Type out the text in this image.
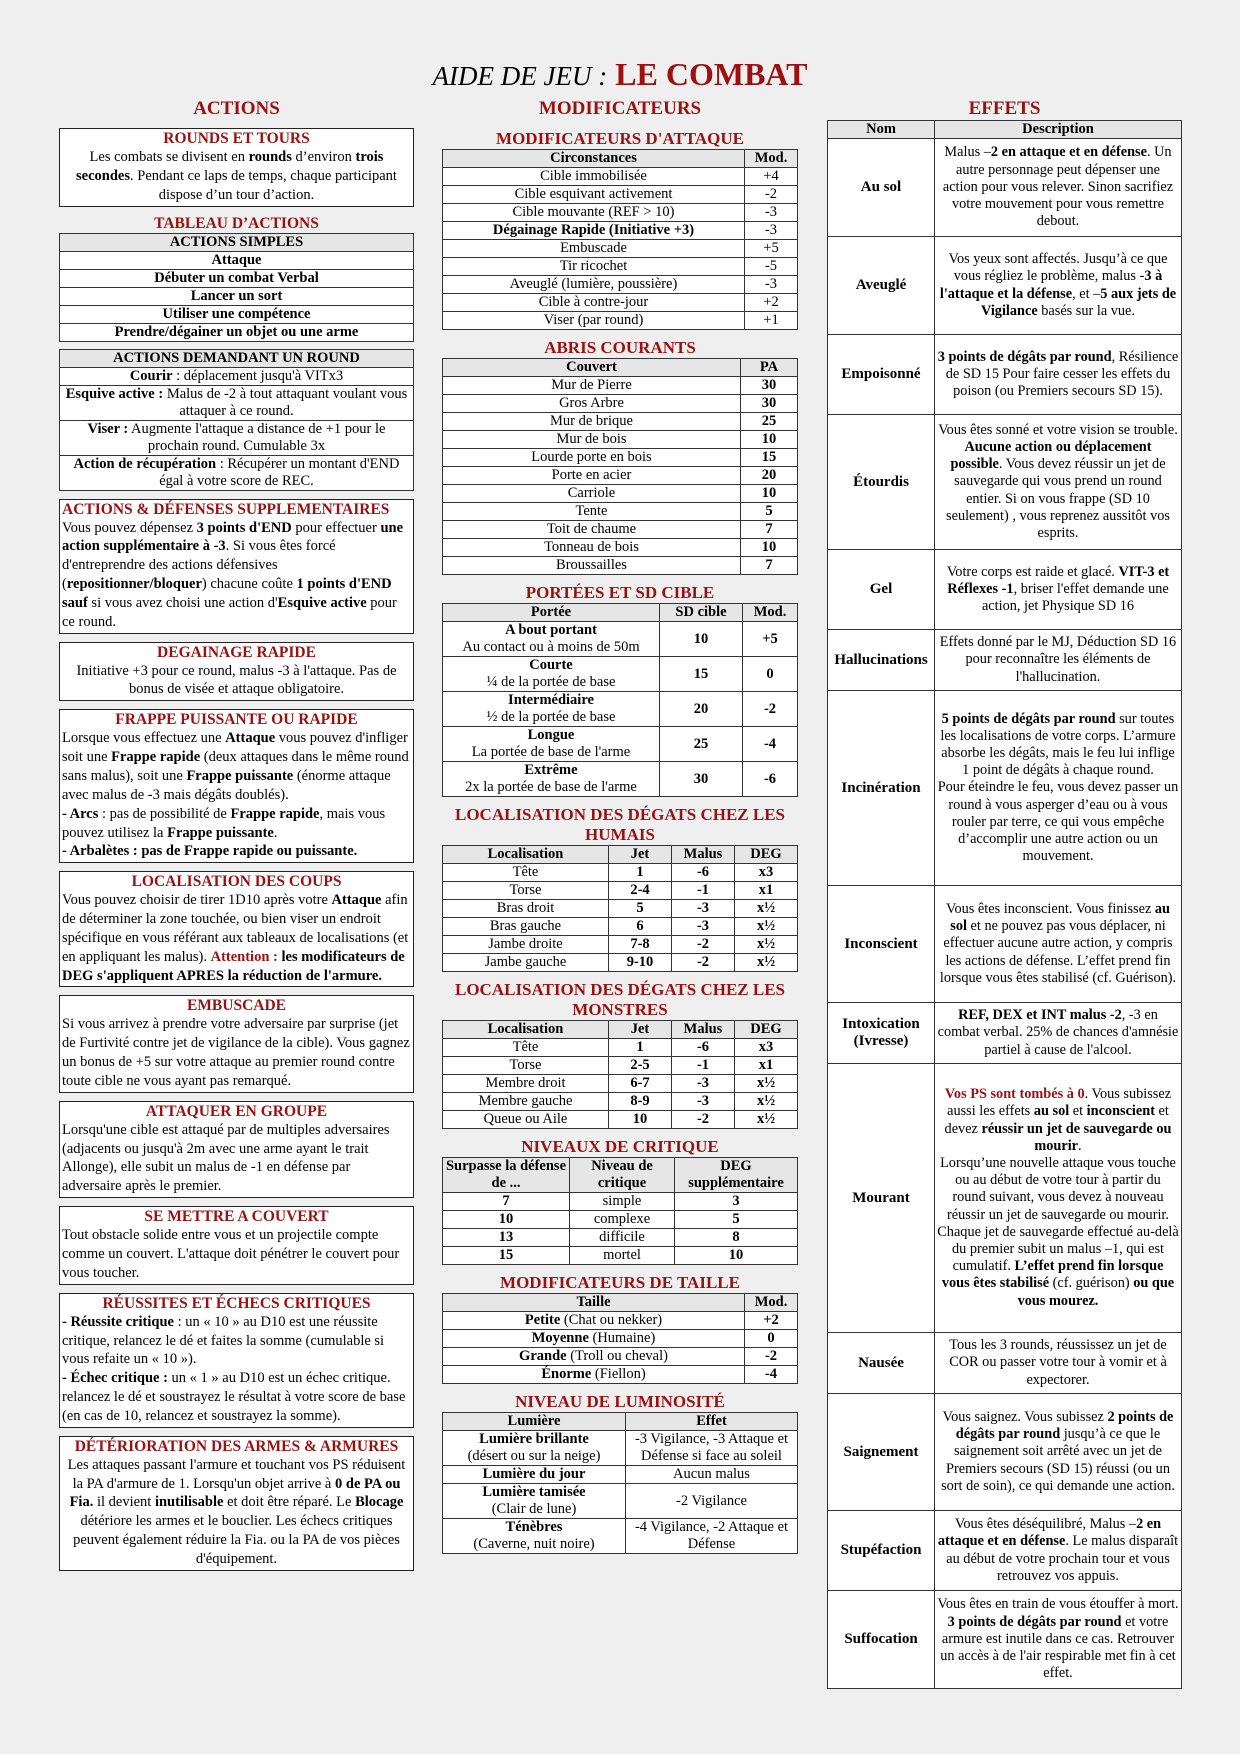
AIDE DE JEU : LE COMBAT
ACTIONS
ROUNDS ET TOURS

Les combats se divisent en rounds d’environ trois secondes. Pendant ce laps de temps, chaque participant dispose d’un tour d’action.

TABLEAU D’ACTIONS
ACTIONS SIMPLES
Attaque
Débuter un combat Verbal
Lancer un sort
Utiliser une compétence
Prendre/dégainer un objet ou une arme
ACTIONS DEMANDANT UN ROUND
Courir : déplacement jusqu'à VITx3
Esquive active : Malus de -2 à tout attaquant voulant vous attaquer à ce round.
Viser : Augmente l'attaque a distance de +1 pour le prochain round. Cumulable 3x
Action de récupération : Récupérer un montant d'END égal à votre score de REC.
ACTIONS & DÉFENSES SUPPLEMENTAIRES

Vous pouvez dépensez 3 points d'END pour effectuer une action supplémentaire à -3. Si vous êtes forcé d'entreprendre des actions défensives (repositionner/bloquer) chacune coûte 1 points d'END sauf si vous avez choisi une action d'Esquive active pour ce round.

DEGAINAGE RAPIDE

Initiative +3 pour ce round, malus -3 à l'attaque. Pas de bonus de visée et attaque obligatoire.

FRAPPE PUISSANTE OU RAPIDE

Lorsque vous effectuez une Attaque vous pouvez d'infliger soit une Frappe rapide (deux attaques dans le même round sans malus), soit une Frappe puissante (énorme attaque avec malus de -3 mais dégâts doublés).

- Arcs : pas de possibilité de Frappe rapide, mais vous pouvez utilisez la Frappe puissante.

- Arbalètes : pas de Frappe rapide ou puissante.

LOCALISATION DES COUPS

Vous pouvez choisir de tirer 1D10 après votre Attaque afin de déterminer la zone touchée, ou bien viser un endroit spécifique en vous référant aux tableaux de localisations (et en appliquant les malus). Attention : les modificateurs de DEG s'appliquent APRES la réduction de l'armure.

EMBUSCADE

Si vous arrivez à prendre votre adversaire par surprise (jet de Furtivité contre jet de vigilance de la cible). Vous gagnez un bonus de +5 sur votre attaque au premier round contre toute cible ne vous ayant pas remarqué.

ATTAQUER EN GROUPE

Lorsqu'une cible est attaqué par de multiples adversaires (adjacents ou jusqu'à 2m avec une arme ayant le trait Allonge), elle subit un malus de -1 en défense par adversaire après le premier.

SE METTRE A COUVERT

Tout obstacle solide entre vous et un projectile compte comme un couvert. L'attaque doit pénétrer le couvert pour vous toucher.

RÉUSSITES ET ÉCHECS CRITIQUES

- Réussite critique : un « 10 » au D10 est une réussite critique, relancez le dé et faites la somme (cumulable si vous refaite un « 10 »).

- Échec critique : un « 1 » au D10 est un échec critique. relancez le dé et soustrayez le résultat à votre score de base (en cas de 10, relancez et soustrayez la somme).

DÉTÉRIORATION DES ARMES & ARMURES

Les attaques passant l'armure et touchant vos PS réduisent la PA d'armure de 1. Lorsqu'un objet arrive à 0 de PA ou Fia. il devient inutilisable et doit être réparé. Le Blocage détériore les armes et le bouclier. Les échecs critiques peuvent également réduire la Fia. ou la PA de vos pièces d'équipement.

MODIFICATEURS
MODIFICATEURS D'ATTAQUE
Circonstances	Mod.
Cible immobilisée	+4
Cible esquivant activement	-2
Cible mouvante (REF > 10)	-3
Dégainage Rapide (Initiative +3)	-3
Embuscade	+5
Tir ricochet	-5
Aveuglé (lumière, poussière)	-3
Cible à contre-jour	+2
Viser (par round)	+1
ABRIS COURANTS
Couvert	PA
Mur de Pierre	30
Gros Arbre	30
Mur de brique	25
Mur de bois	10
Lourde porte en bois	15
Porte en acier	20
Carriole	10
Tente	5
Toit de chaume	7
Tonneau de bois	10
Broussailles	7
PORTÉES ET SD CIBLE
Portée	SD cible	Mod.
A bout portant
Au contact ou à moins de 50m	10	+5
Courte
¼ de la portée de base	15	0
Intermédiaire
½ de la portée de base	20	-2
Longue
La portée de base de l'arme	25	-4
Extrême
2x la portée de base de l'arme	30	-6
LOCALISATION DES DÉGATS CHEZ LES HUMAIS
Localisation	Jet	Malus	DEG
Tête	1	-6	x3
Torse	2-4	-1	x1
Bras droit	5	-3	x½
Bras gauche	6	-3	x½
Jambe droite	7-8	-2	x½
Jambe gauche	9-10	-2	x½
LOCALISATION DES DÉGATS CHEZ LES MONSTRES
Localisation	Jet	Malus	DEG
Tête	1	-6	x3
Torse	2-5	-1	x1
Membre droit	6-7	-3	x½
Membre gauche	8-9	-3	x½
Queue ou Aile	10	-2	x½
NIVEAUX DE CRITIQUE
Surpasse la défense de ...	Niveau de critique	DEG supplémentaire
7	simple	3
10	complexe	5
13	difficile	8
15	mortel	10
MODIFICATEURS DE TAILLE
Taille	Mod.
Petite (Chat ou nekker)	+2
Moyenne (Humaine)	0
Grande (Troll ou cheval)	-2
Énorme (Fiellon)	-4
NIVEAU DE LUMINOSITÉ
Lumière	Effet
Lumière brillante
(désert ou sur la neige)	-3 Vigilance, -3 Attaque et Défense si face au soleil
Lumière du jour	Aucun malus
Lumière tamisée
(Clair de lune)	-2 Vigilance
Ténèbres
(Caverne, nuit noire)	-4 Vigilance, -2 Attaque et Défense
EFFETS
Nom	Description
Au sol	Malus –2 en attaque et en défense. Un autre personnage peut dépenser une action pour vous relever. Sinon sacrifiez votre mouvement pour vous remettre debout.
Aveuglé	Vos yeux sont affectés. Jusqu’à ce que vous régliez le problème, malus -3 à l'attaque et la défense, et –5 aux jets de Vigilance basés sur la vue.
Empoisonné	3 points de dégâts par round, Résilience de SD 15 Pour faire cesser les effets du poison (ou Premiers secours SD 15).
Étourdis	Vous êtes sonné et votre vision se trouble. Aucune action ou déplacement possible. Vous devez réussir un jet de sauvegarde qui vous prend un round entier. Si on vous frappe (SD 10 seulement) , vous reprenez aussitôt vos esprits.
Gel	Votre corps est raide et glacé. VIT-3 et Réflexes -1, briser l'effet demande une action, jet Physique SD 16
Hallucinations	Effets donné par le MJ, Déduction SD 16 pour reconnaître les éléments de l'hallucination.
Incinération	5 points de dégâts par round sur toutes les localisations de votre corps. L’armure absorbe les dégâts, mais le feu lui inflige 1 point de dégâts à chaque round.
Pour éteindre le feu, vous devez passer un round à vous asperger d’eau ou à vous rouler par terre, ce qui vous empêche d’accomplir une autre action ou un mouvement.
Inconscient	Vous êtes inconscient. Vous finissez au sol et ne pouvez pas vous déplacer, ni effectuer aucune autre action, y compris les actions de défense. L’effet prend fin lorsque vous êtes stabilisé (cf. Guérison).
Intoxication
(Ivresse)	REF, DEX et INT malus -2, -3 en combat verbal. 25% de chances d'amnésie partiel à cause de l'alcool.
Mourant	Vos PS sont tombés à 0. Vous subissez aussi les effets au sol et inconscient et devez réussir un jet de sauvegarde ou mourir.
Lorsqu’une nouvelle attaque vous touche ou au début de votre tour à partir du round suivant, vous devez à nouveau réussir un jet de sauvegarde ou mourir. Chaque jet de sauvegarde effectué au-delà du premier subit un malus –1, qui est cumulatif. L’effet prend fin lorsque vous êtes stabilisé (cf. guérison) ou que vous mourez.
Nausée	Tous les 3 rounds, réussissez un jet de COR ou passer votre tour à vomir et à expectorer.
Saignement	Vous saignez. Vous subissez 2 points de dégâts par round jusqu’à ce que le saignement soit arrêté avec un jet de Premiers secours (SD 15) réussi (ou un sort de soin), ce qui demande une action.
Stupéfaction	Vous êtes déséquilibré, Malus –2 en attaque et en défense. Le malus disparaît au début de votre prochain tour et vous retrouvez vos appuis.
Suffocation	Vous êtes en train de vous étouffer à mort. 3 points de dégâts par round et votre armure est inutile dans ce cas. Retrouver un accès à de l'air respirable met fin à cet effet.
